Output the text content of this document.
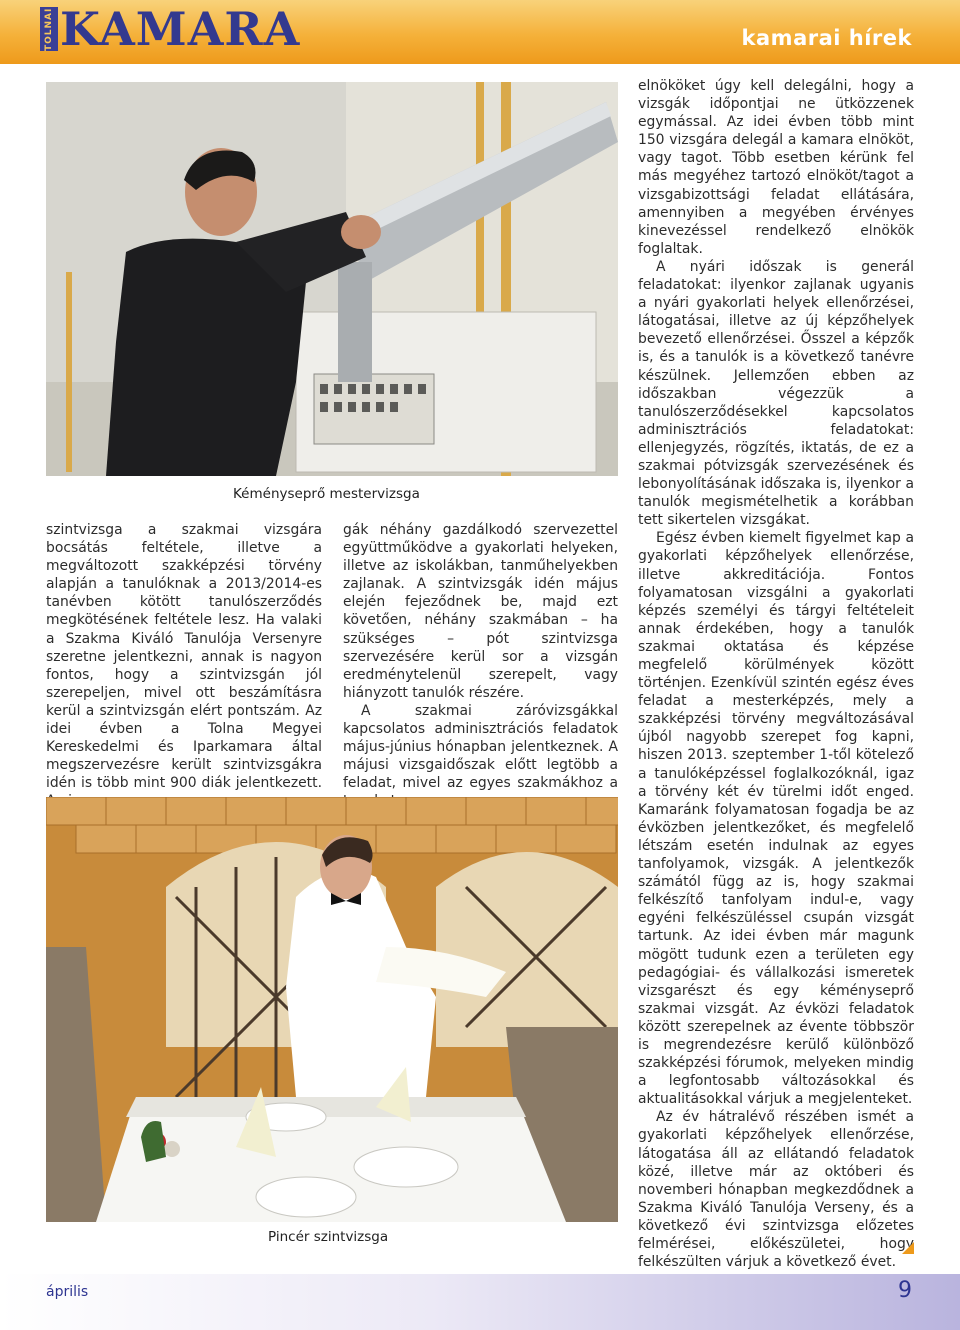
TOLNAI KAMARA	kamarai hírek
Kéményseprő mestervizsga

szintvizsga a szakmai vizsgára bocsátás feltétele, illetve a megváltozott szakképzési törvény alapján a tanulóknak a 2013/2014-es tanévben kötött tanulószerződés megkötésének feltétele lesz. Ha valaki a Szakma Kiváló Tanulója Versenyre szeretne jelentkezni, annak is nagyon fontos, hogy a szintvizsgán jól szerepeljen, mivel ott beszámításra kerül a szintvizsgán elért pontszám. Az idei évben a Tolna Megyei Kereskedelmi és Iparkamara által megszervezésre került szintvizsgákra idén is több mint 900 diák jelentkezett.

gák néhány gazdálkodó szervezettel együttműködve a gyakorlati helyeken, illetve az iskolákban, tanműhelyekben zajlanak. A szintvizsgák idén május elején fejeződnek be, majd ezt követően, néhány szakmában – ha szükséges – pót szintvizsga szervezésére kerül sor a vizsgán eredménytelenül szerepelt, vagy hiányzott tanulók részére.

A szakmai záróvizsgákkal kapcsolatos adminisztrációs feladatok május-június hónapban jelentkeznek. A májusi vizsgaidőszak előtt legtöbb a feladat, mivel az egyes szakmákhoz a

Pincér szintvizsga

elnököket úgy kell delegálni, hogy a vizsgák időpontjai ne ütközzenek egymással. Az idei évben több mint 150 vizsgára delegál a kamara elnököt, vagy tagot. Több esetben kérünk fel más megyéhez tartozó elnököt/tagot a vizsgabizottsági feladat ellátására, amennyiben a megyében érvényes kinevezéssel rendelkező elnökök foglaltak.

A nyári időszak is generál feladatokat: ilyenkor zajlanak ugyanis a nyári gyakorlati helyek ellenőrzései, látogatásai, illetve az új képzőhelyek bevezető ellenőrzései. Ősszel a képzők is, és a tanulók is a következő tanévre készülnek. Jellemzően ebben az időszakban végezzük a tanulószerződésekkel kapcsolatos adminisztrációs feladatokat: ellenjegyzés, rögzítés, iktatás, de ez a szakmai pótvizsgák szervezésének és lebonyolításának időszaka is, ilyenkor a tanulók megismételhetik a korábban tett sikertelen vizsgákat.

Egész évben kiemelt figyelmet kap a gyakorlati képzőhelyek ellenőrzése, illetve akkreditációja. Fontos folyamatosan vizsgálni a gyakorlati képzés személyi és tárgyi feltételeit annak érdekében, hogy a tanulók szakmai oktatása és képzése megfelelő körülmények között történjen. Ezenkívül szintén egész éves feladat a mesterképzés, mely a szakképzési törvény megváltozásával újból nagyobb szerepet fog kapni, hiszen 2013. szeptember 1-től kötelező a tanulóképzéssel foglalkozóknál, igaz a törvény két év türelmi időt enged. Kamaránk folyamatosan fogadja be az évközben jelentkezőket, és megfelelő létszám esetén indulnak az egyes tanfolyamok, vizsgák. A jelentkezők számától függ az is, hogy szakmai felkészítő tanfolyam indul-e, vagy egyéni felkészüléssel csupán vizsgát tartunk. Az idei évben már magunk mögött tudunk ezen a területen egy pedagógiai- és vállalkozási ismeretek vizsgarészt és egy kéményseprő szakmai vizsgát. Az évközi feladatok között szerepelnek az évente többször is megrendezésre kerülő különböző szakképzési fórumok, melyeken mindig a legfontosabb változásokkal és aktualitásokkal várjuk a megjelenteket.

Az év hátralévő részében ismét a gyakorlati képzőhelyek ellenőrzése, látogatása áll az ellátandó feladatok közé, illetve már az októberi és novemberi hónapban megkezdődnek a Szakma Kiváló Tanulója Verseny, és a következő évi szintvizsga előzetes felmérései, előkészületei, hogy felkészülten várjuk a következő évet.

április	9
